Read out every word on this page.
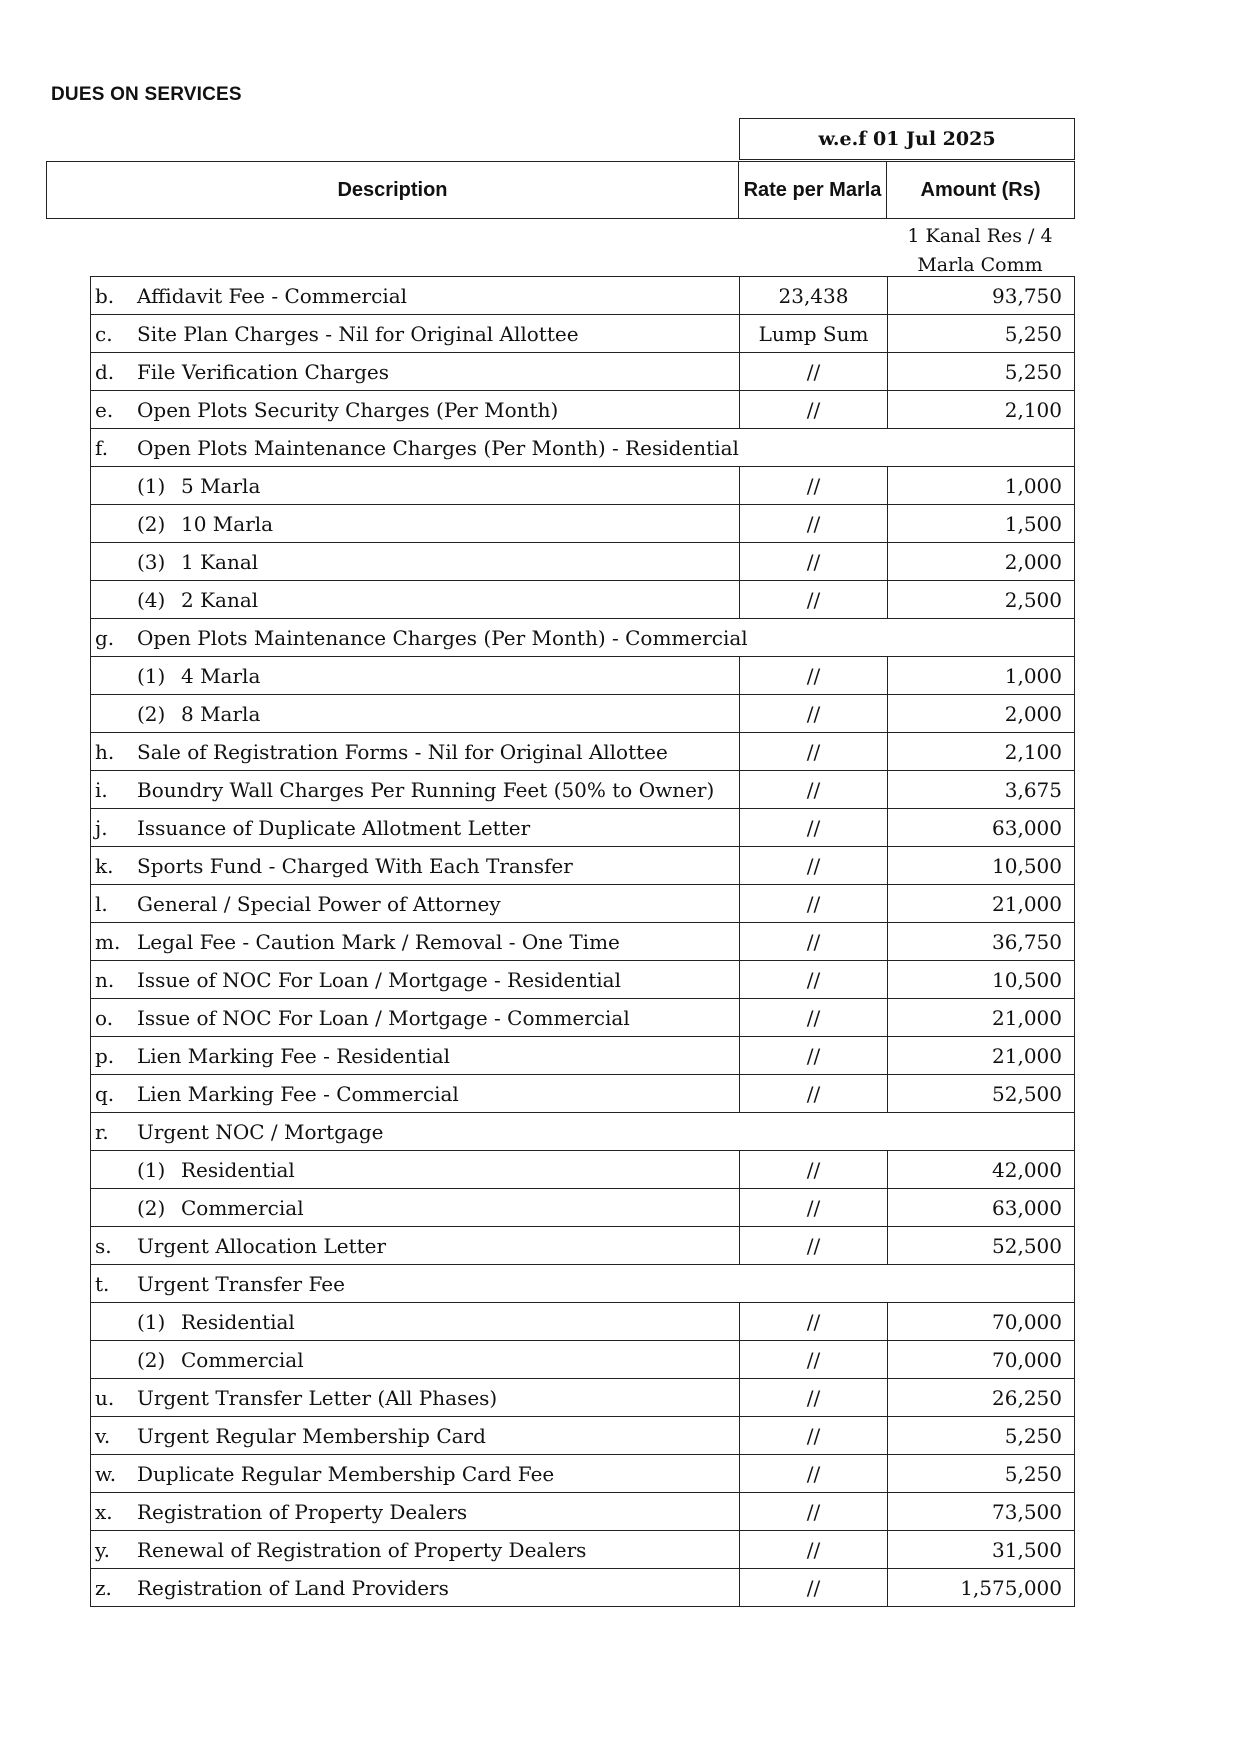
DUES ON SERVICES
w.e.f 01 Jul 2025
Description	Rate per Marla	Amount (Rs)
1 Kanal Res / 4 Marla Comm
b. Affidavit Fee - Commercial	23,438	93,750
c. Site Plan Charges - Nil for Original Allottee	Lump Sum	5,250
d. File Verification Charges	//	5,250
e. Open Plots Security Charges (Per Month)	//	2,100
f. Open Plots Maintenance Charges (Per Month) - Residential		
(1) 5 Marla	//	1,000
(2) 10 Marla	//	1,500
(3) 1 Kanal	//	2,000
(4) 2 Kanal	//	2,500
g. Open Plots Maintenance Charges (Per Month) - Commercial		
(1) 4 Marla	//	1,000
(2) 8 Marla	//	2,000
h. Sale of Registration Forms - Nil for Original Allottee	//	2,100
i. Boundry Wall Charges Per Running Feet (50% to Owner)	//	3,675
j. Issuance of Duplicate Allotment Letter	//	63,000
k. Sports Fund - Charged With Each Transfer	//	10,500
l. General / Special Power of Attorney	//	21,000
m. Legal Fee - Caution Mark / Removal - One Time	//	36,750
n. Issue of NOC For Loan / Mortgage - Residential	//	10,500
o. Issue of NOC For Loan / Mortgage - Commercial	//	21,000
p. Lien Marking Fee - Residential	//	21,000
q. Lien Marking Fee - Commercial	//	52,500
r. Urgent NOC / Mortgage		
(1) Residential	//	42,000
(2) Commercial	//	63,000
s. Urgent Allocation Letter	//	52,500
t. Urgent Transfer Fee		
(1) Residential	//	70,000
(2) Commercial	//	70,000
u. Urgent Transfer Letter (All Phases)	//	26,250
v. Urgent Regular Membership Card	//	5,250
w. Duplicate Regular Membership Card Fee	//	5,250
x. Registration of Property Dealers	//	73,500
y. Renewal of Registration of Property Dealers	//	31,500
z. Registration of Land Providers	//	1,575,000
